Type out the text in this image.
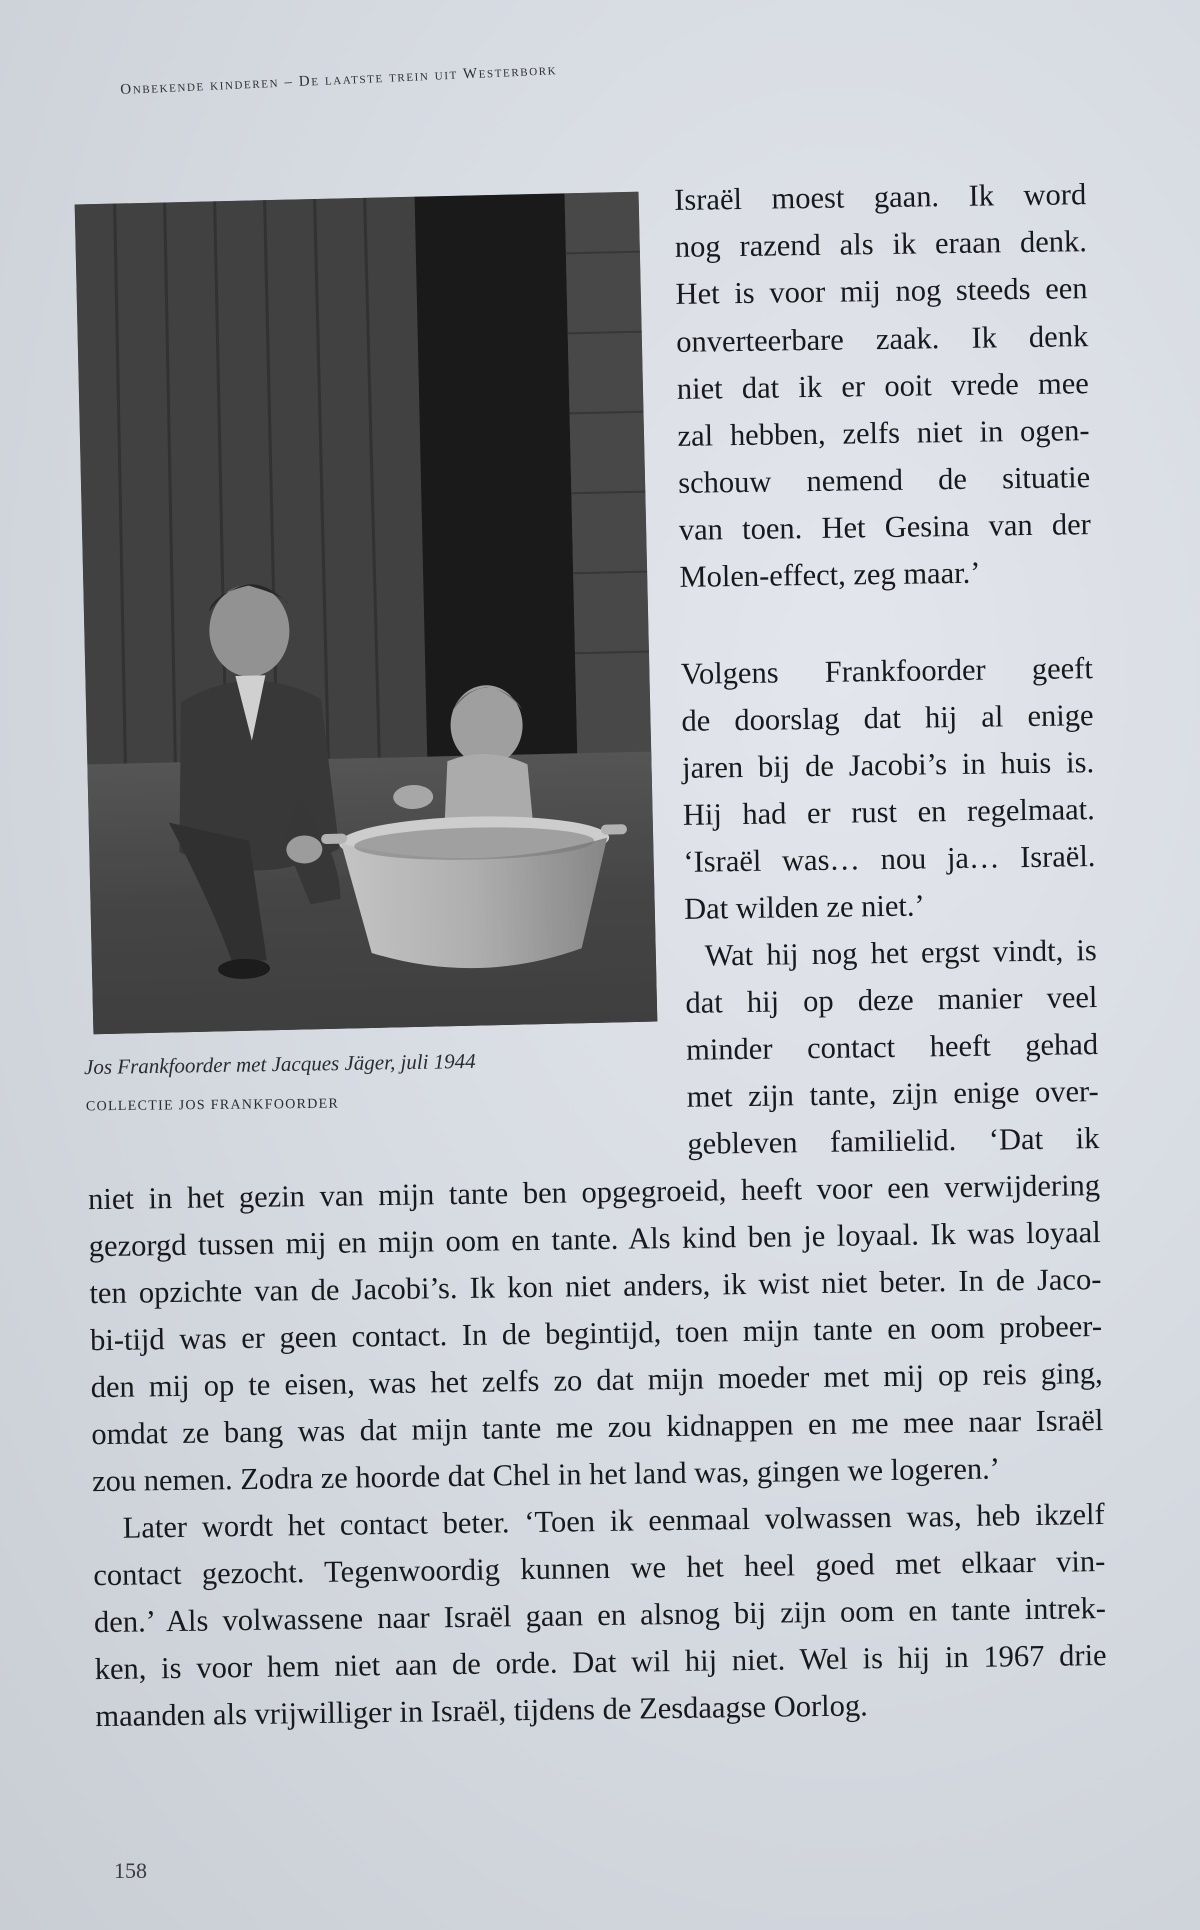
Onbekende kinderen – De laatste trein uit Westerbork
Jos Frankfoorder met Jacques Jäger, juli 1944
COLLECTIE JOS FRANKFOORDER
Israël moest gaan. Ik word
nog razend als ik eraan denk.
Het is voor mij nog steeds een
onverteerbare zaak. Ik denk
niet dat ik er ooit vrede mee
zal hebben, zelfs niet in ogen-
schouw nemend de situatie
van toen. Het Gesina van der
Molen-effect, zeg maar.’
Volgens Frankfoorder geeft
de doorslag dat hij al enige
jaren bij de Jacobi’s in huis is.
Hij had er rust en regelmaat.
‘Israël was… nou ja… Israël.
Dat wilden ze niet.’
Wat hij nog het ergst vindt, is
dat hij op deze manier veel
minder contact heeft gehad
met zijn tante, zijn enige over-
gebleven familielid. ‘Dat ik
niet in het gezin van mijn tante ben opgegroeid, heeft voor een verwijdering
gezorgd tussen mij en mijn oom en tante. Als kind ben je loyaal. Ik was loyaal
ten opzichte van de Jacobi’s. Ik kon niet anders, ik wist niet beter. In de Jaco-
bi-tijd was er geen contact. In de begintijd, toen mijn tante en oom probeer-
den mij op te eisen, was het zelfs zo dat mijn moeder met mij op reis ging,
omdat ze bang was dat mijn tante me zou kidnappen en me mee naar Israël
zou nemen. Zodra ze hoorde dat Chel in het land was, gingen we logeren.’
Later wordt het contact beter. ‘Toen ik eenmaal volwassen was, heb ikzelf
contact gezocht. Tegenwoordig kunnen we het heel goed met elkaar vin-
den.’ Als volwassene naar Israël gaan en alsnog bij zijn oom en tante intrek-
ken, is voor hem niet aan de orde. Dat wil hij niet. Wel is hij in 1967 drie
maanden als vrijwilliger in Israël, tijdens de Zesdaagse Oorlog.
158
